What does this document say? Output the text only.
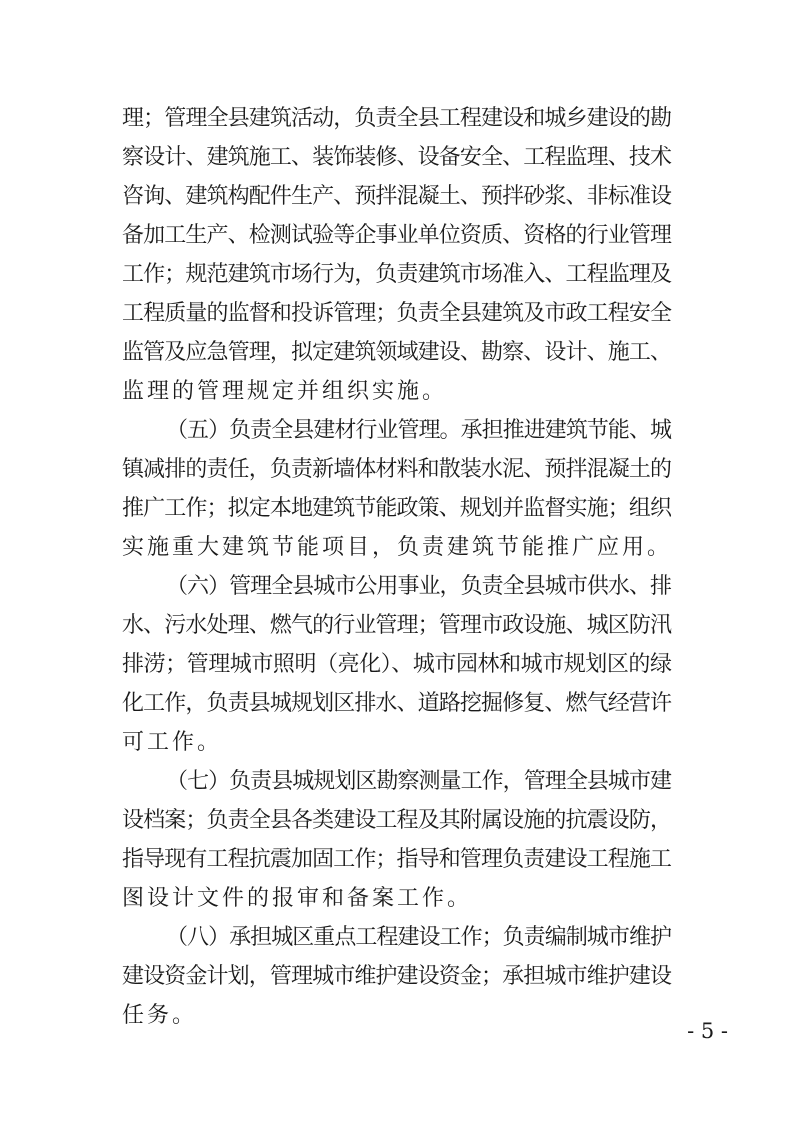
理；管理全县建筑活动，负责全县工程建设和城乡建设的勘
察设计、建筑施工、装饰装修、设备安全、工程监理、技术
咨询、建筑构配件生产、预拌混凝土、预拌砂浆、非标准设
备加工生产、检测试验等企事业单位资质、资格的行业管理
工作；规范建筑市场行为，负责建筑市场准入、工程监理及
工程质量的监督和投诉管理；负责全县建筑及市政工程安全
监管及应急管理，拟定建筑领域建设、勘察、设计、施工、
监理的管理规定并组织实施。
（五）负责全县建材行业管理。承担推进建筑节能、城
镇减排的责任，负责新墙体材料和散装水泥、预拌混凝土的
推广工作；拟定本地建筑节能政策、规划并监督实施；组织
实施重大建筑节能项目，负责建筑节能推广应用。
（六）管理全县城市公用事业，负责全县城市供水、排
水、污水处理、燃气的行业管理；管理市政设施、城区防汛
排涝；管理城市照明（亮化）、城市园林和城市规划区的绿
化工作，负责县城规划区排水、道路挖掘修复、燃气经营许
可工作。
（七）负责县城规划区勘察测量工作，管理全县城市建
设档案；负责全县各类建设工程及其附属设施的抗震设防，
指导现有工程抗震加固工作；指导和管理负责建设工程施工
图设计文件的报审和备案工作。
（八）承担城区重点工程建设工作；负责编制城市维护
建设资金计划，管理城市维护建设资金；承担城市维护建设
任务。
- 5 -
